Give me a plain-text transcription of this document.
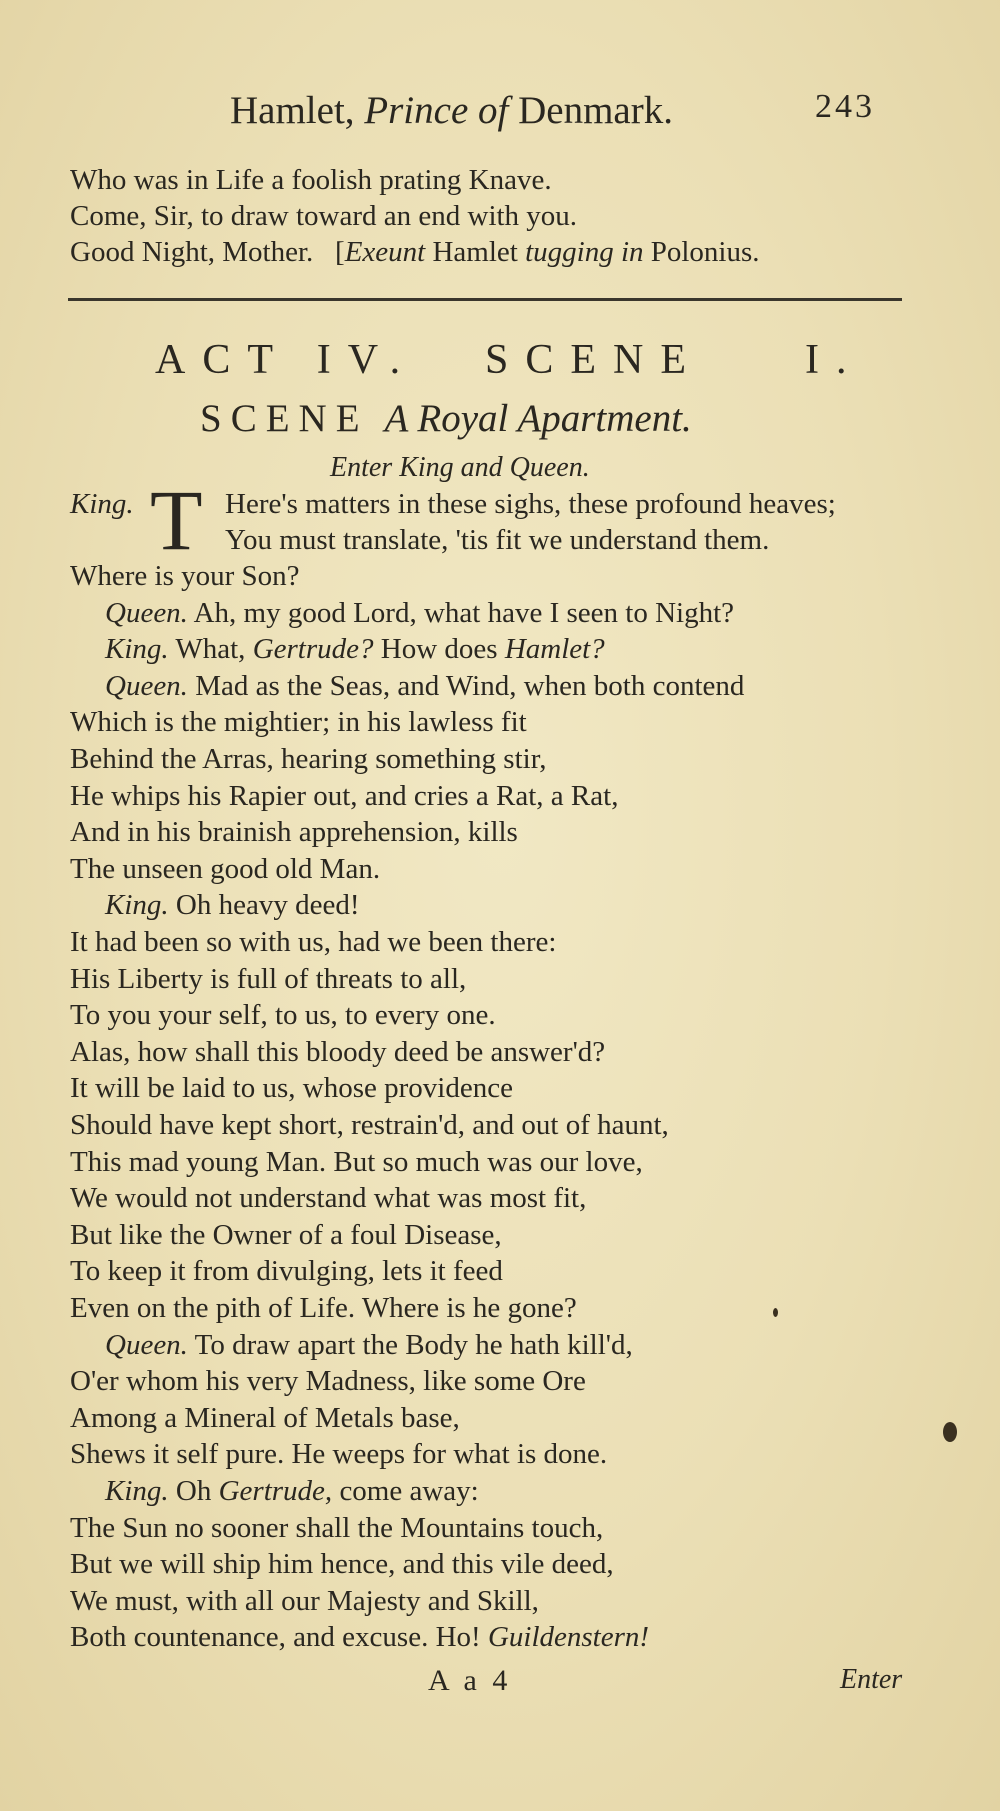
Hamlet, Prince of Denmark.	243
Who was in Life a foolish prating Knave.
Come, Sir, to draw toward an end with you.
Good Night, Mother. [Exeunt Hamlet tugging in Polonius.
ACT IV. SCENE I.
SCENE A Royal Apartment.
Enter King and Queen.
King. T Here's matters in these sighs, these profound heaves;
You must translate, 'tis fit we understand them.
Where is your Son?
Queen. Ah, my good Lord, what have I seen to Night?
King. What, Gertrude? How does Hamlet?
Queen. Mad as the Seas, and Wind, when both contend
Which is the mightier; in his lawless fit
Behind the Arras, hearing something stir,
He whips his Rapier out, and cries a Rat, a Rat,
And in his brainish apprehension, kills
The unseen good old Man.
King. Oh heavy deed!
It had been so with us, had we been there:
His Liberty is full of threats to all,
To you your self, to us, to every one.
Alas, how shall this bloody deed be answer'd?
It will be laid to us, whose providence
Should have kept short, restrain'd, and out of haunt,
This mad young Man. But so much was our love,
We would not understand what was most fit,
But like the Owner of a foul Disease,
To keep it from divulging, lets it feed
Even on the pith of Life. Where is he gone?
Queen. To draw apart the Body he hath kill'd,
O'er whom his very Madness, like some Ore
Among a Mineral of Metals base,
Shews it self pure. He weeps for what is done.
King. Oh Gertrude, come away:
The Sun no sooner shall the Mountains touch,
But we will ship him hence, and this vile deed,
We must, with all our Majesty and Skill,
Both countenance, and excuse. Ho! Guildenstern!
A a 4	Enter
